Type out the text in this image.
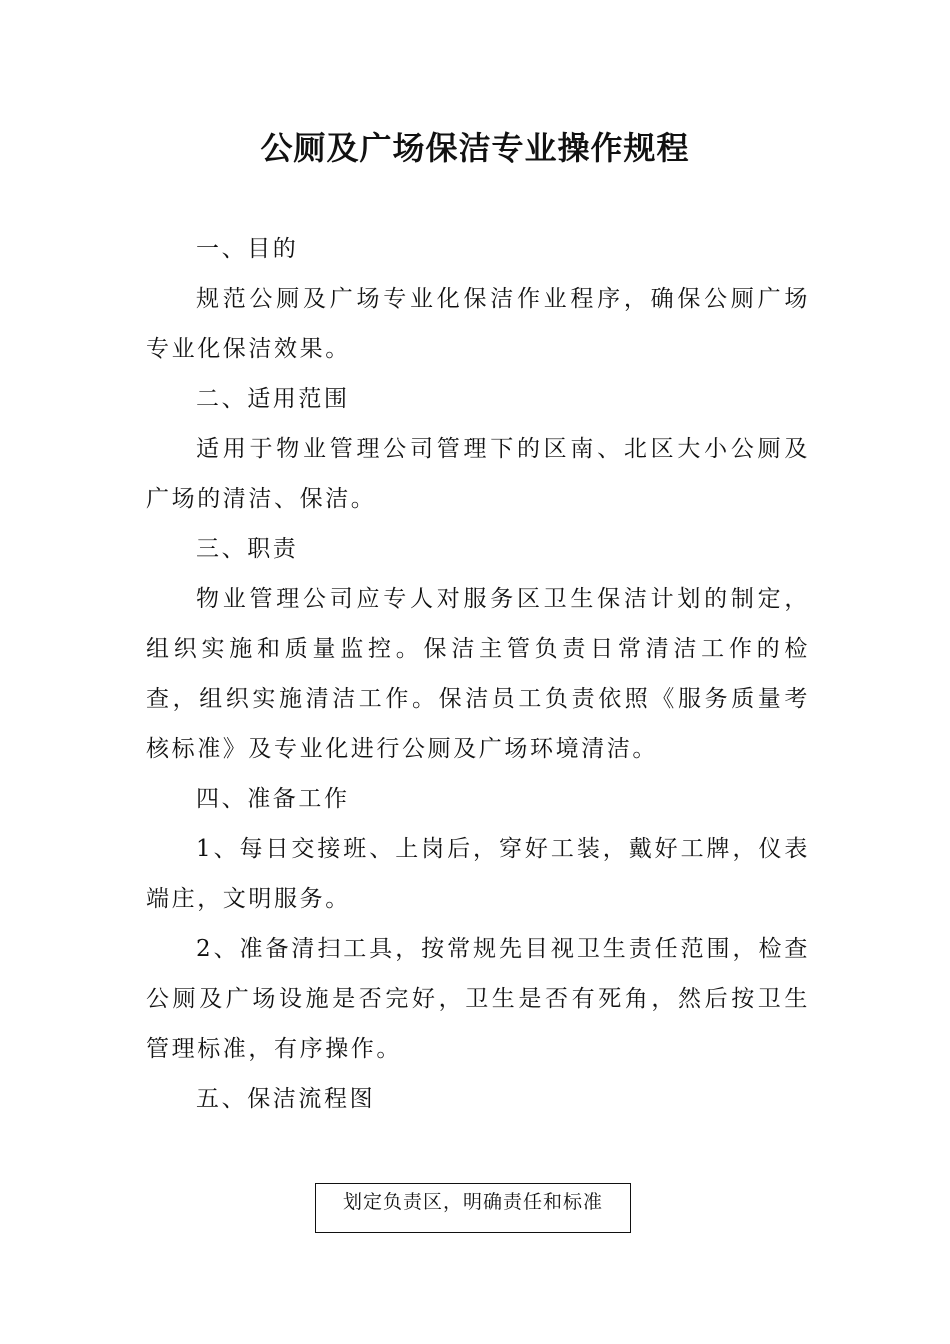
公厕及广场保洁专业操作规程

一、目的

规范公厕及广场专业化保洁作业程序，确保公厕广场专业化保洁效果。

二、适用范围

适用于物业管理公司管理下的区南、北区大小公厕及广场的清洁、保洁。

三、职责

物业管理公司应专人对服务区卫生保洁计划的制定，组织实施和质量监控。保洁主管负责日常清洁工作的检查，组织实施清洁工作。保洁员工负责依照《服务质量考核标准》及专业化进行公厕及广场环境清洁。

四、准备工作

1、每日交接班、上岗后，穿好工装，戴好工牌，仪表端庄，文明服务。

2、准备清扫工具，按常规先目视卫生责任范围，检查公厕及广场设施是否完好，卫生是否有死角，然后按卫生管理标准，有序操作。

五、保洁流程图

划定负责区，明确责任和标准
